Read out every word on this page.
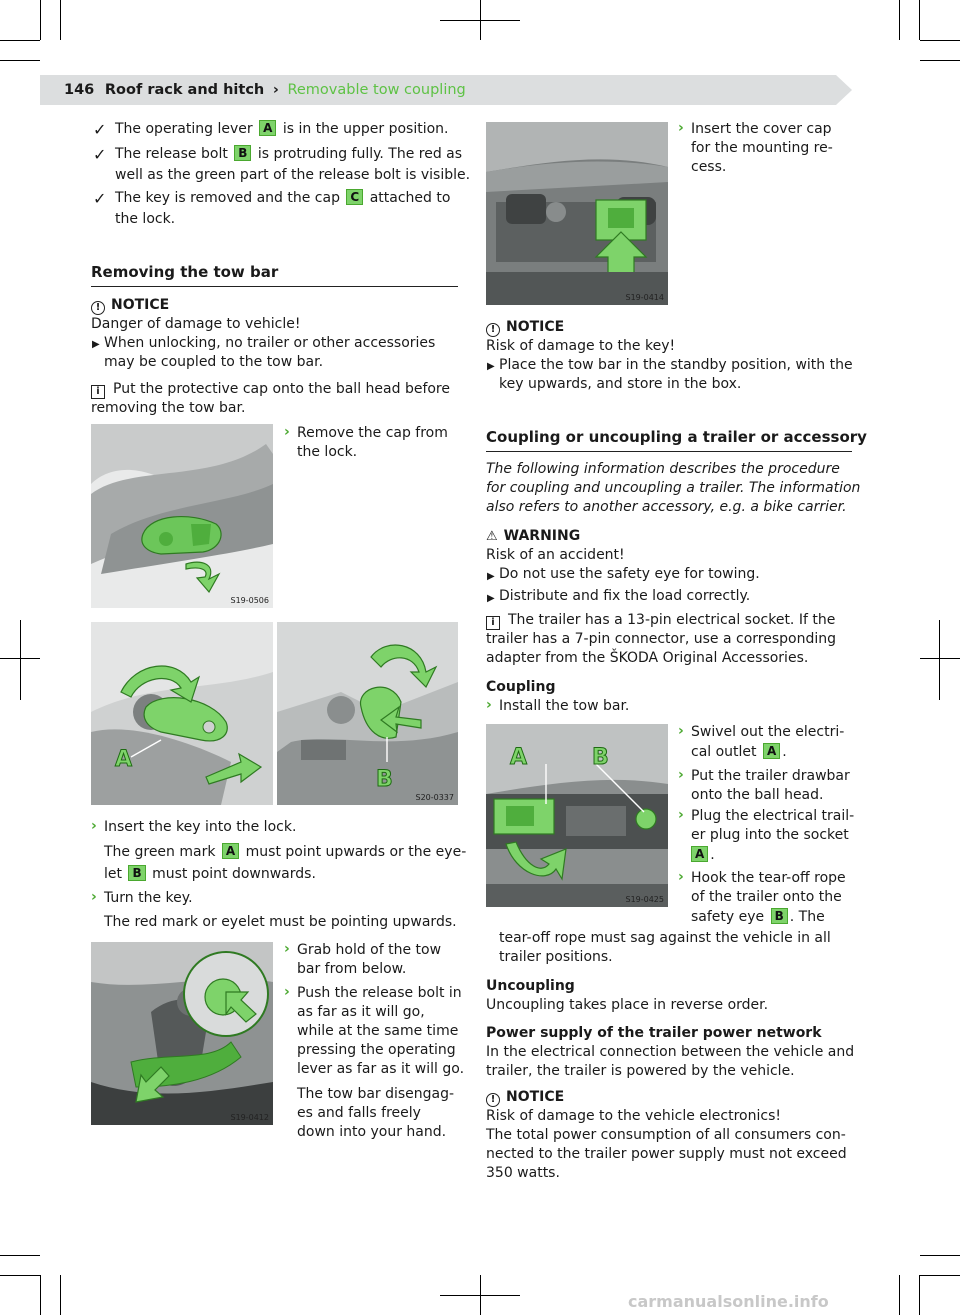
146 Roof rack and hitch › Removable tow coupling
✓ The operating lever A is in the upper position.
✓ The release bolt B is protruding fully. The red as
well as the green part of the release bolt is visible.
✓ The key is removed and the cap C attached to
the lock.
Removing the tow bar
! NOTICE
Danger of damage to vehicle!
▶ When unlocking, no trailer or other accessories
may be coupled to the tow bar.
i Put the protective cap onto the ball head before
removing the tow bar.
S19-0506
› Remove the cap from
the lock.
A
B
S20-0337
› Insert the key into the lock.
The green mark A must point upwards or the eye-
let B must point downwards.
› Turn the key.
The red mark or eyelet must be pointing upwards.
S19-0412
› Grab hold of the tow
bar from below.
› Push the release bolt in
as far as it will go,
while at the same time
pressing the operating
lever as far as it will go.
The tow bar disengag-
es and falls freely
down into your hand.
S19-0414
› Insert the cover cap
for the mounting re-
cess.
! NOTICE
Risk of damage to the key!
▶ Place the tow bar in the standby position, with the
key upwards, and store in the box.
Coupling or uncoupling a trailer or accessory
The following information describes the procedure
for coupling and uncoupling a trailer. The information
also refers to another accessory, e.g. a bike carrier.
⚠ WARNING
Risk of an accident!
▶ Do not use the safety eye for towing.
▶ Distribute and fix the load correctly.
i The trailer has a 13-pin electrical socket. If the
trailer has a 7-pin connector, use a corresponding
adapter from the ŠKODA Original Accessories.
Coupling
› Install the tow bar.
A	B
S19-0425
› Swivel out the electri-
cal outlet A .
› Put the trailer drawbar
onto the ball head.
› Plug the electrical trail-
er plug into the socket
A .
› Hook the tear-off rope
of the trailer onto the
safety eye B . The
tear-off rope must sag against the vehicle in all
trailer positions.
Uncoupling
Uncoupling takes place in reverse order.
Power supply of the trailer power network
In the electrical connection between the vehicle and
trailer, the trailer is powered by the vehicle.
! NOTICE
Risk of damage to the vehicle electronics!
The total power consumption of all consumers con-
nected to the trailer power supply must not exceed
350 watts.
carmanualsonline.info
